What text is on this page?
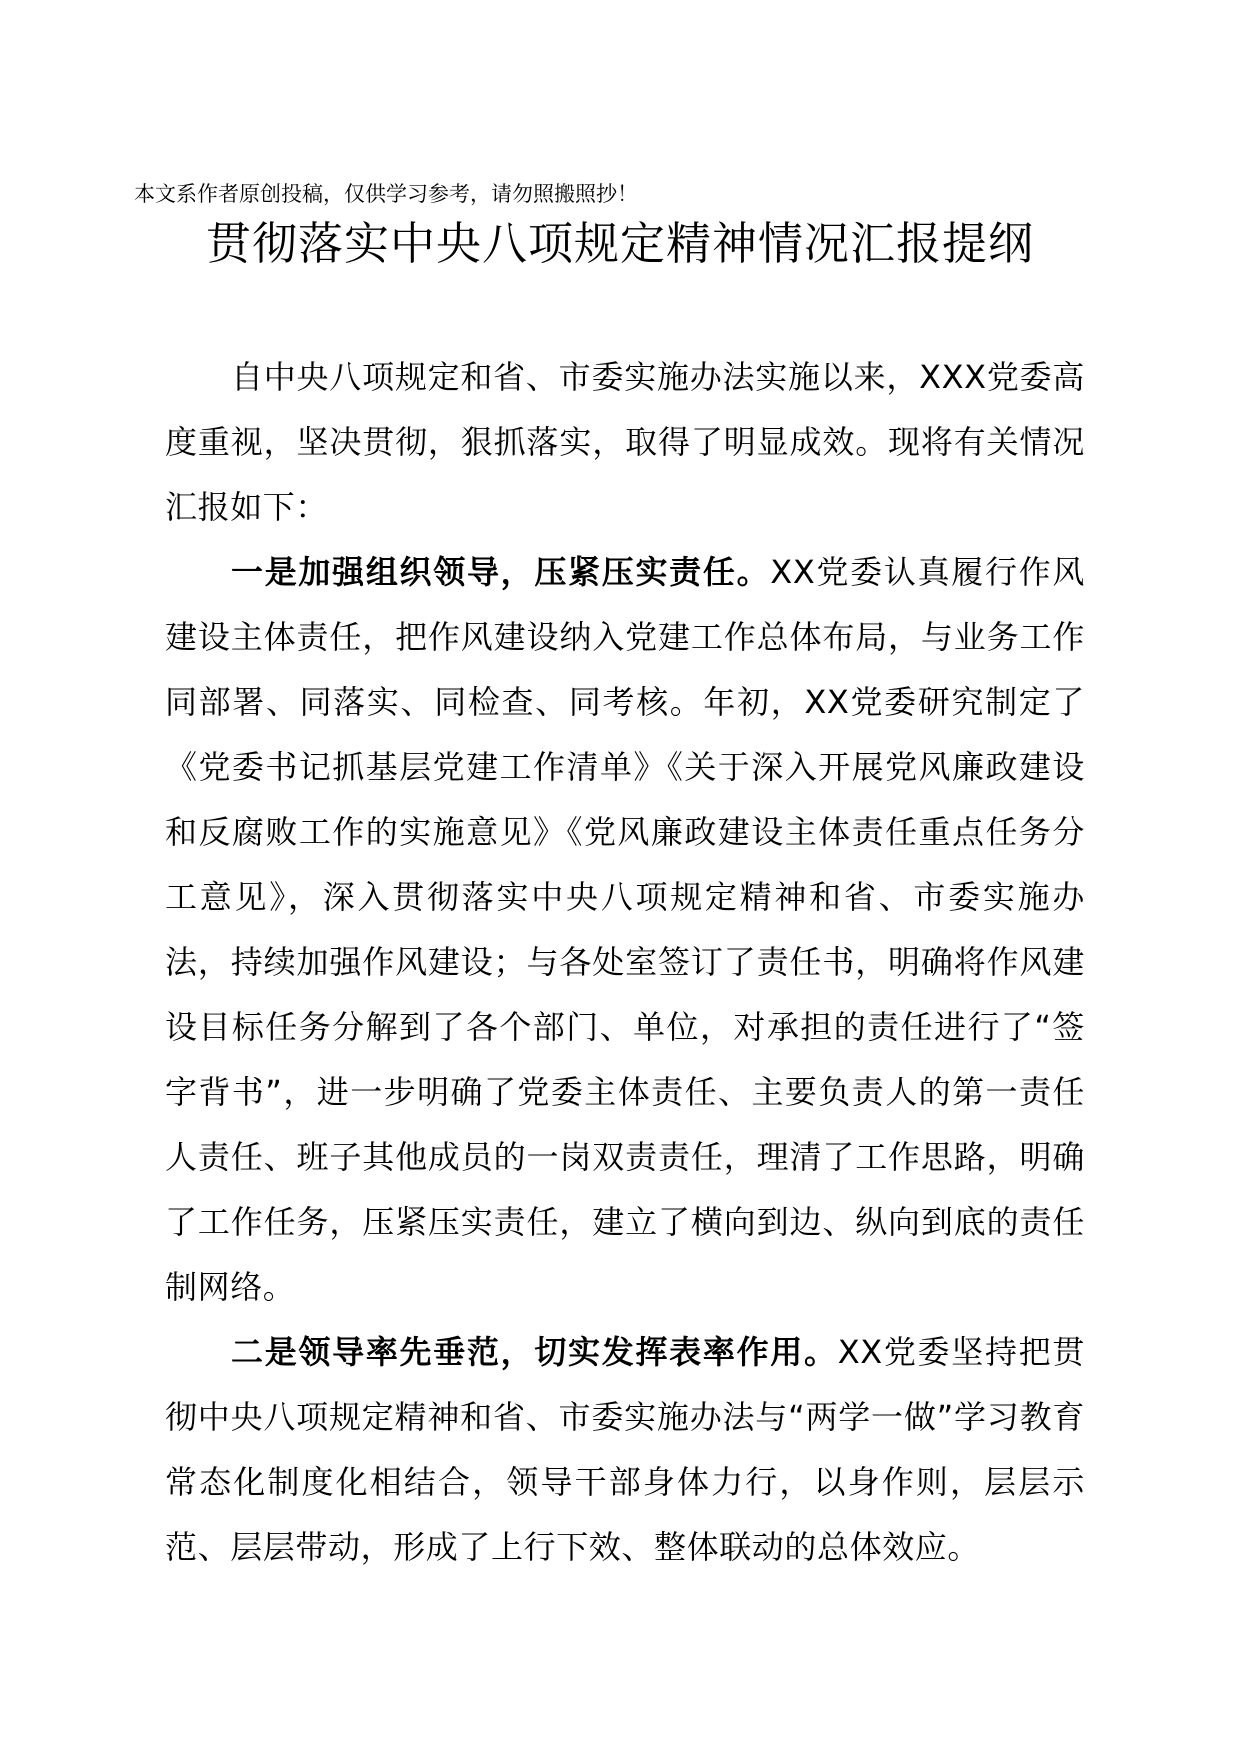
本文系作者原创投稿，仅供学习参考，请勿照搬照抄！
贯彻落实中央八项规定精神情况汇报提纲

自中央八项规定和省、市委实施办法实施以来，XXX党委高度重视，坚决贯彻，狠抓落实，取得了明显成效。现将有关情况汇报如下：

一是加强组织领导，压紧压实责任。XX党委认真履行作风建设主体责任，把作风建设纳入党建工作总体布局，与业务工作同部署、同落实、同检查、同考核。年初，XX党委研究制定了《党委书记抓基层党建工作清单》《关于深入开展党风廉政建设和反腐败工作的实施意见》《党风廉政建设主体责任重点任务分工意见》，深入贯彻落实中央八项规定精神和省、市委实施办法，持续加强作风建设；与各处室签订了责任书，明确将作风建设目标任务分解到了各个部门、单位，对承担的责任进行了“签字背书”，进一步明确了党委主体责任、主要负责人的第一责任人责任、班子其他成员的一岗双责责任，理清了工作思路，明确了工作任务，压紧压实责任，建立了横向到边、纵向到底的责任制网络。

二是领导率先垂范，切实发挥表率作用。XX党委坚持把贯彻中央八项规定精神和省、市委实施办法与“两学一做”学习教育常态化制度化相结合，领导干部身体力行，以身作则，层层示范、层层带动，形成了上行下效、整体联动的总体效应。
